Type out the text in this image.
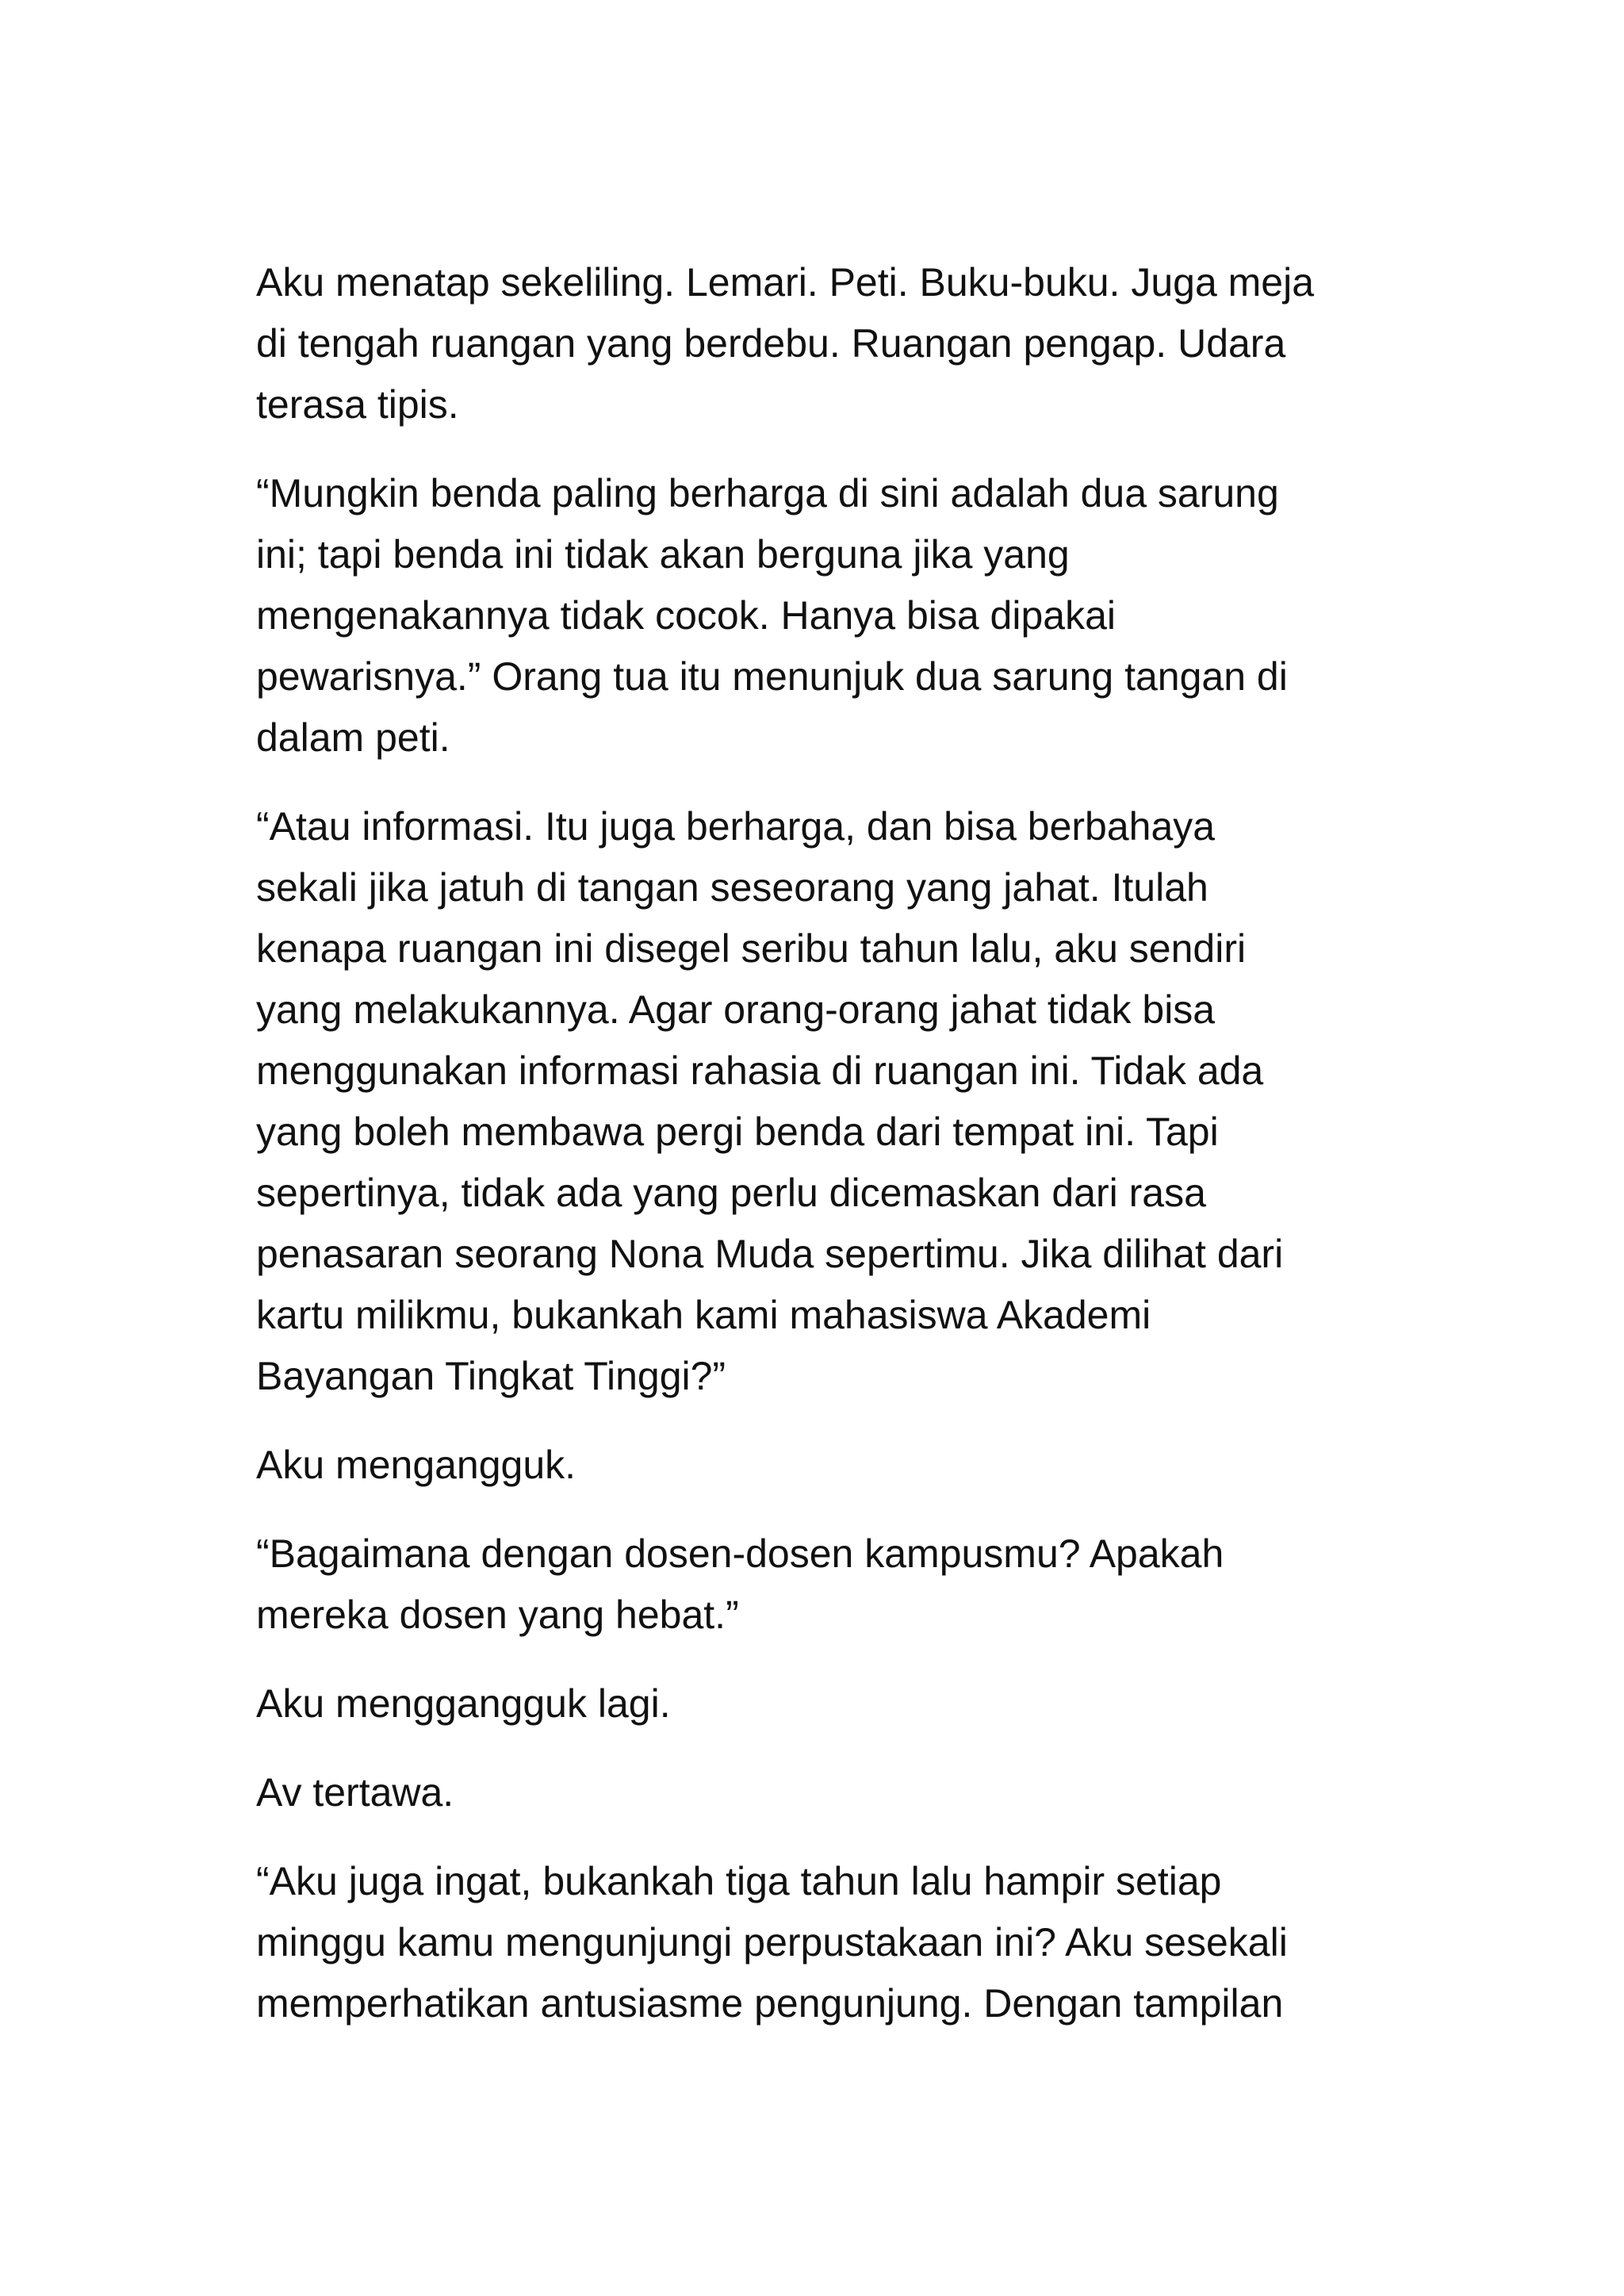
Aku menatap sekeliling. Lemari. Peti. Buku-buku. Juga meja
di tengah ruangan yang berdebu. Ruangan pengap. Udara
terasa tipis.

“Mungkin benda paling berharga di sini adalah dua sarung
ini; tapi benda ini tidak akan berguna jika yang
mengenakannya tidak cocok. Hanya bisa dipakai
pewarisnya.” Orang tua itu menunjuk dua sarung tangan di
dalam peti.

“Atau informasi. Itu juga berharga, dan bisa berbahaya
sekali jika jatuh di tangan seseorang yang jahat. Itulah
kenapa ruangan ini disegel seribu tahun lalu, aku sendiri
yang melakukannya. Agar orang-orang jahat tidak bisa
menggunakan informasi rahasia di ruangan ini. Tidak ada
yang boleh membawa pergi benda dari tempat ini. Tapi
sepertinya, tidak ada yang perlu dicemaskan dari rasa
penasaran seorang Nona Muda sepertimu. Jika dilihat dari
kartu milikmu, bukankah kami mahasiswa Akademi
Bayangan Tingkat Tinggi?”

Aku mengangguk.

“Bagaimana dengan dosen-dosen kampusmu? Apakah
mereka dosen yang hebat.”

Aku menggangguk lagi.

Av tertawa.

“Aku juga ingat, bukankah tiga tahun lalu hampir setiap
minggu kamu mengunjungi perpustakaan ini? Aku sesekali
memperhatikan antusiasme pengunjung. Dengan tampilan
